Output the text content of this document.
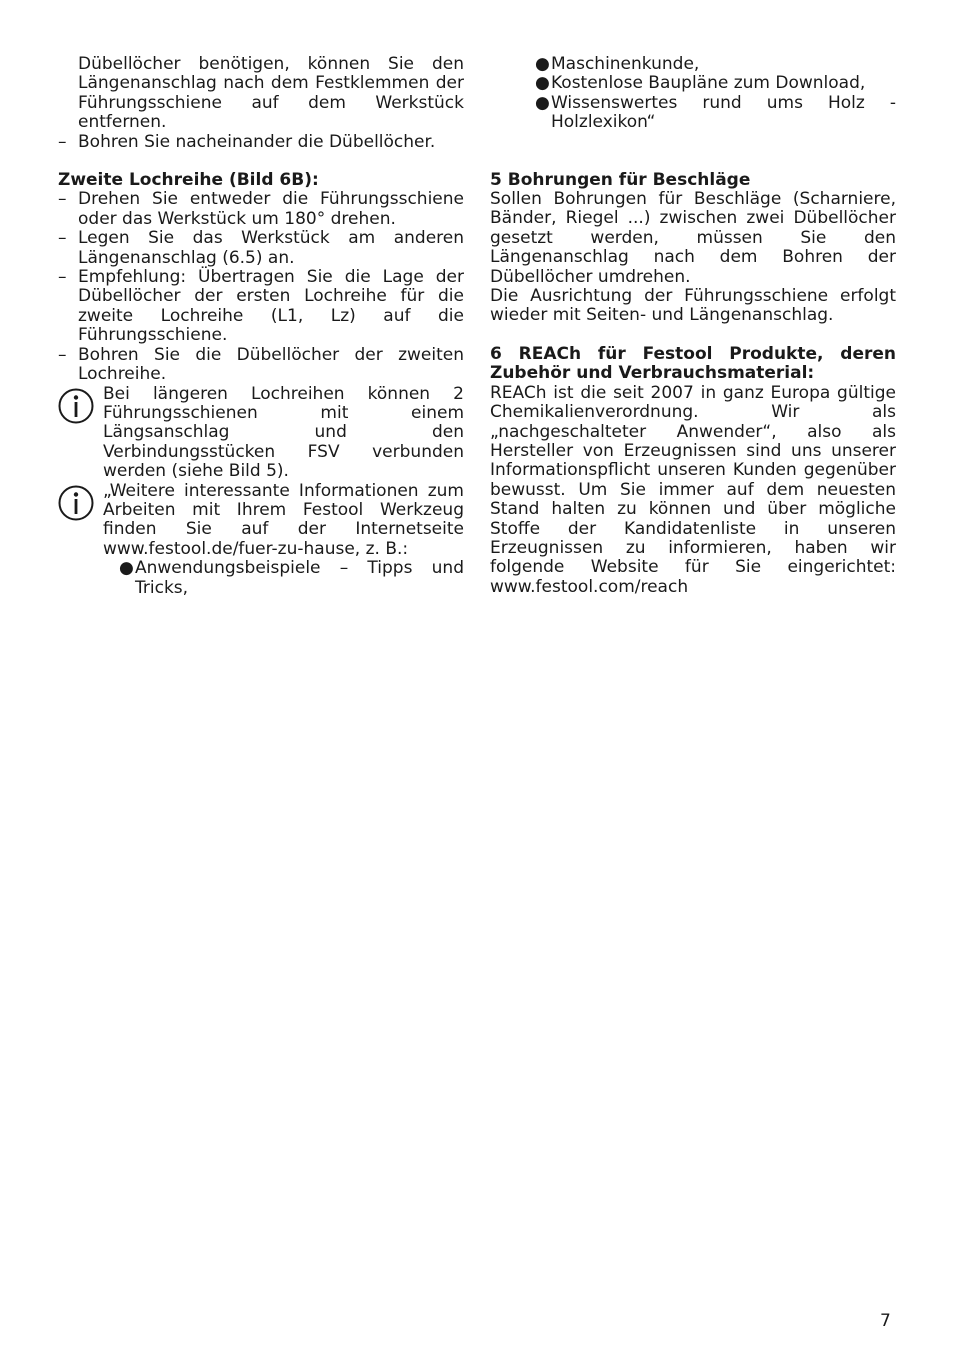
Dübellöcher benötigen, können Sie den Längenanschlag nach dem Festklemmen der Führungsschiene auf dem Werkstück entfernen.

– Bohren Sie nacheinander die Dübellöcher.

Zweite Lochreihe (Bild 6B):

– Drehen Sie entweder die Führungsschiene oder das Werkstück um 180° drehen.
– Legen Sie das Werkstück am anderen Längenanschlag (6.5) an.
– Empfehlung: Übertragen Sie die Lage der Dübellöcher der ersten Lochreihe für die zweite Lochreihe (L1, Lz) auf die Führungsschiene.
– Bohren Sie die Dübellöcher der zweiten Lochreihe.
Bei längeren Lochreihen können 2 Führungsschienen mit einem Längsanschlag und den Verbindungsstücken FSV verbunden werden (siehe Bild 5).
„Weitere interessante Informationen zum Arbeiten mit Ihrem Festool Werkzeug finden Sie auf der Internetseite www.festool.de/fuer-zu-hause, z. B.:
● Anwendungsbeispiele – Tipps und Tricks,
● Maschinenkunde,
● Kostenlose Baupläne zum Download,
● Wissenswertes rund ums Holz - Holzlexikon“

5 Bohrungen für Beschläge

Sollen Bohrungen für Beschläge (Scharniere, Bänder, Riegel ...) zwischen zwei Dübellöcher gesetzt werden, müssen Sie den Längenanschlag nach dem Bohren der Dübellöcher umdrehen.

Die Ausrichtung der Führungsschiene erfolgt wieder mit Seiten- und Längenanschlag.

6 REACh für Festool Produkte, deren Zubehör und Verbrauchsmaterial:

REACh ist die seit 2007 in ganz Europa gültige Chemikalienverordnung. Wir als „nachgeschalteter Anwender“, also als Hersteller von Erzeugnissen sind uns unserer Informationspflicht unseren Kunden gegenüber bewusst. Um Sie immer auf dem neuesten Stand halten zu können und über mögliche Stoffe der Kandidatenliste in unseren Erzeugnissen zu informieren, haben wir folgende Website für Sie eingerichtet: www.festool.com/reach

7
